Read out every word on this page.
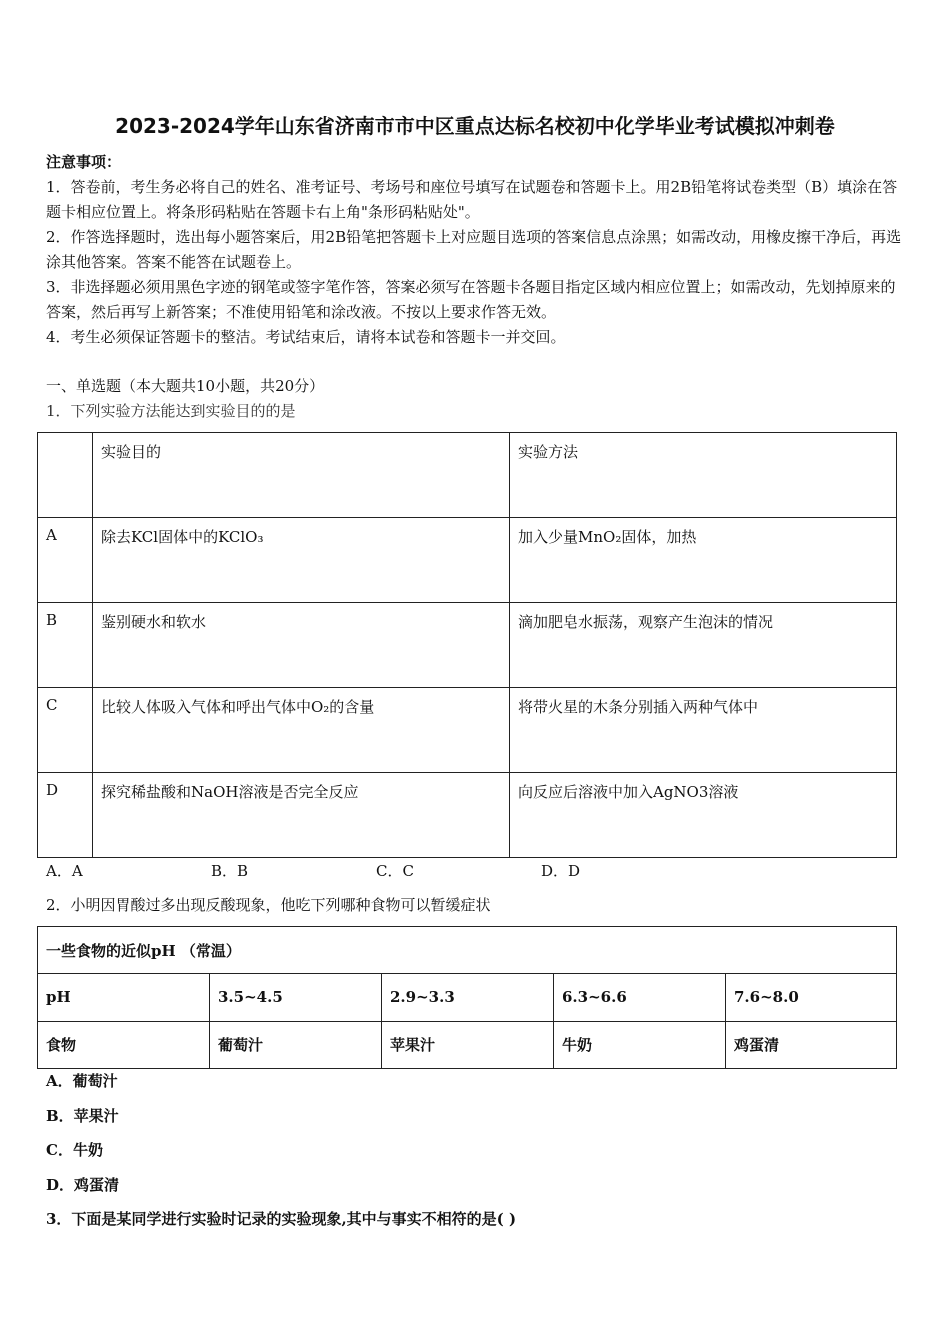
2023-2024学年山东省济南市市中区重点达标名校初中化学毕业考试模拟冲刺卷

注意事项：

1．答卷前，考生务必将自己的姓名、准考证号、考场号和座位号填写在试题卷和答题卡上。用2B铅笔将试卷类型（B）填涂在答题卡相应位置上。将条形码粘贴在答题卡右上角"条形码粘贴处"。

2．作答选择题时，选出每小题答案后，用2B铅笔把答题卡上对应题目选项的答案信息点涂黑；如需改动，用橡皮擦干净后，再选涂其他答案。答案不能答在试题卷上。

3．非选择题必须用黑色字迹的钢笔或签字笔作答，答案必须写在答题卡各题目指定区域内相应位置上；如需改动，先划掉原来的答案，然后再写上新答案；不准使用铅笔和涂改液。不按以上要求作答无效。

4．考生必须保证答题卡的整洁。考试结束后，请将本试卷和答题卡一并交回。

一、单选题（本大题共10小题，共20分）
1．下列实验方法能达到实验目的的是
	实验目的	实验方法
A	除去KCl固体中的KClO₃	加入少量MnO₂固体，加热
B	鉴别硬水和软水	滴加肥皂水振荡，观察产生泡沫的情况
C	比较人体吸入气体和呼出气体中O₂的含量	将带火星的木条分别插入两种气体中
D	探究稀盐酸和NaOH溶液是否完全反应	向反应后溶液中加入AgNO3溶液
A．A	B．B	C．C	D．D
2．小明因胃酸过多出现反酸现象，他吃下列哪种食物可以暂缓症状
一些食物的近似pH （常温）				
pH	3.5~4.5	2.9~3.3	6.3~6.6	7.6~8.0
食物	葡萄汁	苹果汁	牛奶	鸡蛋清
A．葡萄汁
B．苹果汁
C．牛奶
D．鸡蛋清
3．下面是某同学进行实验时记录的实验现象,其中与事实不相符的是( )
